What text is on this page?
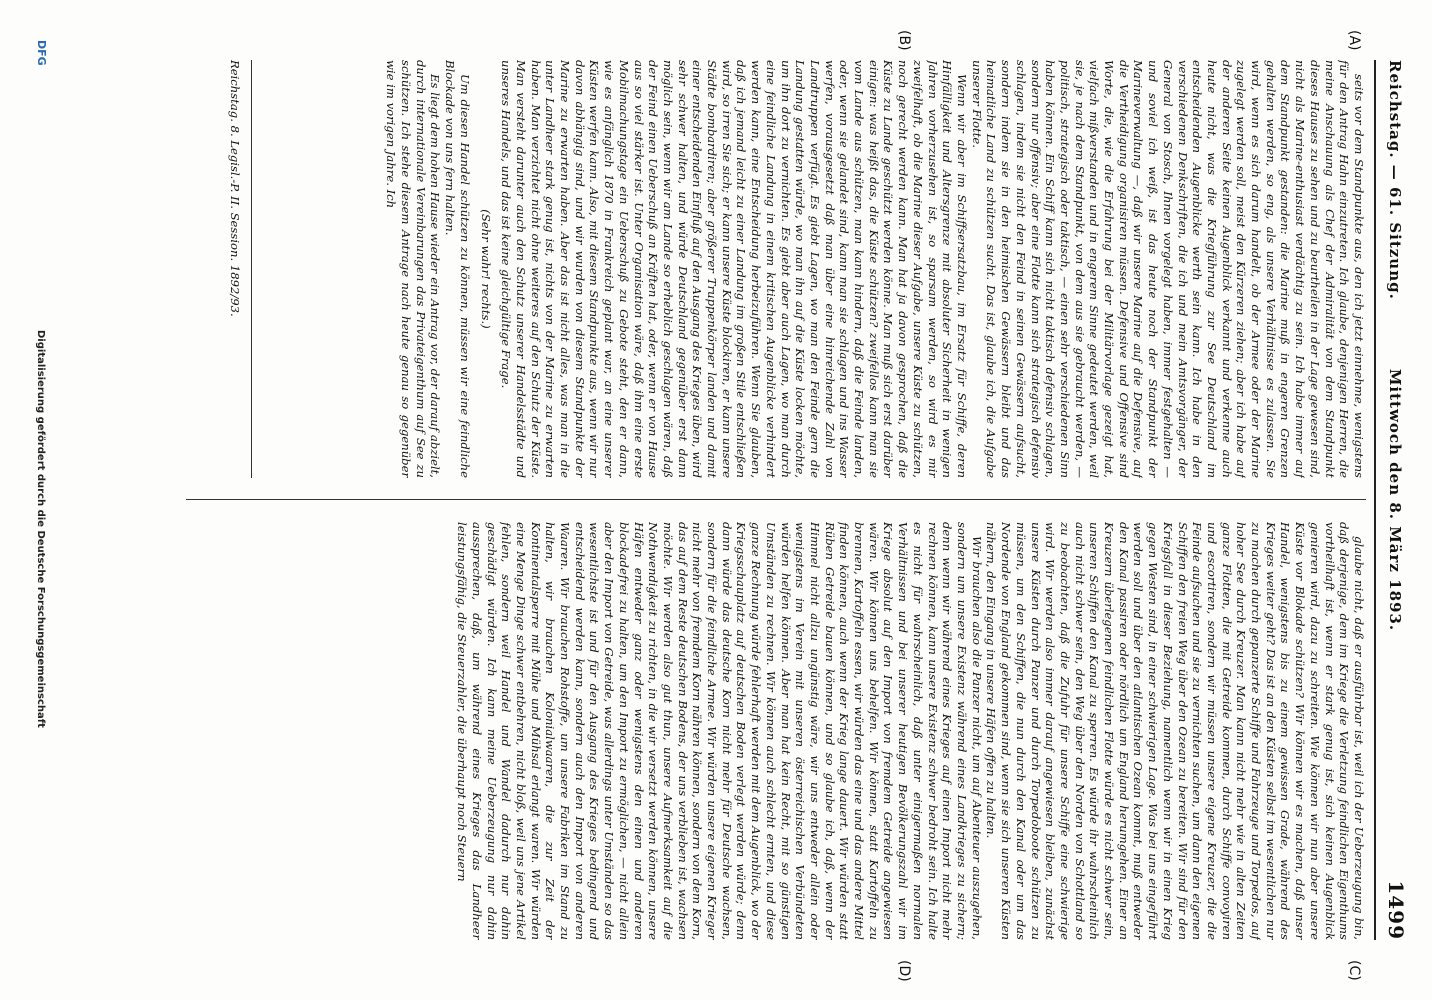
Reichstag. — 61. Sitzung.
Mittwoch den 8. März 1893.
1499
(A)
(B)
(C)
(D)

seits vor dem Standpunkte aus, den ich jetzt einnehme, wenigstens für den Antrag Hahn einzutreten. Ich glaube, denjenigen Herren, die meine Anschauung als Chef der Admiralität von dem Standpunkt dieses Hauses zu sehen und zu beurtheilen in der Lage gewesen sind, nicht als Marine-enthusiast verdächtig zu sein. Ich habe immer auf dem Standpunkt gestanden: die Marine muß in engeren Grenzen gehalten werden, so eng, als unsere Verhältnisse es zulassen. Sie wird, wenn es sich darum handelt, ob der Armee oder der Marine zugelegt werden soll, meist den Kürzeren ziehen; aber ich habe auf der anderen Seite keinen Augenblick verkannt und verkenne auch heute nicht, was die Kriegführung zur See Deutschland im entscheidenden Augenblicke werth sein kann. Ich habe in den verschiedenen Denkschriften, die ich und mein Amtsvorgänger, der General von Stosch, Ihnen vorgelegt haben, immer festgehalten — und soviel ich weiß, ist das heute noch der Standpunkt der Marineverwaltung —, daß wir unsere Marine auf die Defensive, auf die Vertheidigung organisiren müssen. Defensive und Offensive sind Worte, die, wie die Erfahrung bei der Militärvorlage gezeigt hat, vielfach mißverstanden und in engerem Sinne gedeutet werden, weil sie, je nach dem Standpunkt, von dem aus sie gebraucht werden, — politisch, strategisch oder taktisch, — einen sehr verschiedenen Sinn haben können. Ein Schiff kann sich nicht taktisch defensiv schlagen, sondern nur offensiv; aber eine Flotte kann sich strategisch defensiv schlagen, indem sie nicht den Feind in seinen Gewässern aufsucht, sondern indem sie in den heimischen Gewässern bleibt und das heimatliche Land zu schützen sucht. Das ist, glaube ich, die Aufgabe unserer Flotte.

Wenn wir aber im Schiffsersatzbau, im Ersatz für Schiffe, deren Hinfälligkeit und Altersgrenze mit absoluter Sicherheit in wenigen Jahren vorherzusehen ist, so sparsam werden, so wird es mir zweifelhaft, ob die Marine dieser Aufgabe, unsere Küste zu schützen, noch gerecht werden kann. Man hat ja davon gesprochen, daß die Küste zu Lande geschützt werden könne. Man muß sich erst darüber einigen: was heißt das, die Küste schützen? zweifellos kann man sie vom Lande aus schützen, man kann hindern, daß die Feinde landen, oder, wenn sie gelandet sind, kann man sie schlagen und ins Wasser werfen, vorausgesetzt daß man über eine hinreichende Zahl von Landtruppen verfügt. Es giebt Lagen, wo man den Feinde gern die Landung gestatten würde, wo man ihn auf die Küste locken möchte, um ihn dort zu vernichten. Es giebt aber auch Lagen, wo man durch eine feindliche Landung in einem kritischen Augenblicke verhindert werden kann, eine Entscheidung herbeizuführen. Wenn Sie glauben, daß ich jemand leicht zu einer Landung im großen Stile entschließen wird, so irren Sie sich; er kann unsere Küste blockiren, er kann unsere Städte bombardiren; aber größerer Truppenkörper landen und damit einer entscheidenden Einfluß auf den Ausgang des Krieges üben, wird sehr schwer halten, und würde Deutschland gegenüber erst dann möglich sein, wenn wir am Lande so erheblich geschlagen wären, daß der Feind einen Ueberschuß an Kräften hat, oder, wenn er von Hause aus so viel stärker ist. Unter Organisation wäre, daß ihm eine erste Mobilmachungstage ein Ueberschuß zu Gebote steht, den er dann, wie es anfänglich 1870 in Frankreich geplant war, an eine unserer Küsten werfen kann. Also, mit diesem Standpunkte aus, wenn wir nur davon abhängig sind, und wir wurden von diesem Standpunkte der Marine zu erwarten haben. Aber das ist nicht alles, was man in die unter Landheer stark genug ist, nichts von der Marine zu erwarten haben. Man verzichtet nicht ohne weiteres auf den Schutz der Küste. Man versteht darunter auch den Schutz unserer Handelsstädte und unseres Handels, und das ist keine gleichgültige Frage.

(Sehr wahr! rechts.)

Um diesen Handel schützen zu können, müssen wir eine feindliche Blockade von uns fern halten.

Es liegt dem hohen Hause wieder ein Antrag vor, der darauf abzielt, durch internationale Vereinbarungen das Privateigenthum auf See zu schützen. Ich stehe diesem Antrage nach heute genau so gegenüber wie im vorigen Jahre. Ich

glaube nicht, daß er ausführbar ist, weil ich der Ueberzeugung bin, daß derjenige, dem im Kriege die Verletzung feindlichen Eigenthums vortheilhaft ist, wenn er stark genug ist, sich keinen Augenblick genieren wird, dazu zu schreiten. Wie können wir nun aber unsere Küste vor Blokade schützen? Wir können wir es machen, daß unser Handel, wenigstens bis zu einem gewissen Grade, während des Krieges weiter geht? Das ist an den Küsten selbst im wesentlichen nur zu machen durch gepanzerte Schiffe und Fahrzeuge und Torpedos, auf hoher See durch Kreuzer. Man kann nicht mehr wie in alten Zeiten ganze Flotten, die mit Getreide kommen, durch Schiffe convoyiren und escortiren, sondern wir müssen unsere eigene Kreuzer, die die Feinde aufsuchen und sie zu vernichten suchen, um dann den eigenen Schiffen den freien Weg über den Ozean zu bereiten. Wir sind für den Kriegsfall in dieser Beziehung, namentlich wenn wir in einen Krieg gegen Westen sind, in einer schwierigen Lage. Was bei uns eingeführt werden soll und über den atlantischen Ozean kommt, muß entweder den Kanal passiren oder nördlich um England herumgehen. Einer an Kreuzern überlegenen feindlichen Flotte würde es nicht schwer sein, unseren Schiffen den Kanal zu sperren. Es würde ihr wahrscheinlich auch nicht schwer sein, den Weg über den Norden von Schottland so zu beobachten, daß die Zufuhr für unsere Schiffe eine schwierige wird. Wir werden also immer darauf angewiesen bleiben, zunächst unsere Küsten durch Panzer und durch Torpedoboote schützen zu müssen, um den Schiffen, die nun durch den Kanal oder um das Nordende von England gekommen sind, wenn sie sich unseren Küsten nähern, den Eingang in unsere Häfen offen zu halten.

Wir brauchen also die Panzer nicht, um auf Abenteuer auszugehen, sondern um unsere Existenz während eines Landkrieges zu sichern; denn wenn wir während eines Krieges auf einen Import nicht mehr rechnen können, kann unsere Existenz schwer bedroht sein. Ich halte es nicht für wahrscheinlich, daß unter einigermaßen normalen Verhältnissen und bei unserer heutigen Bevölkerungszahl wir im Kriege absolut auf den Import von fremdem Getreide angewiesen wären. Wir können uns behelfen. Wir können, statt Kartoffeln zu brennen, Kartoffeln essen, wir würden das eine und das andere Mittel finden können, auch wenn der Krieg lange dauert. Wir würden statt Rüben Getreide bauen können, und so glaube ich, daß, wenn der Himmel nicht allzu ungünstig wäre, wir uns entweder allein oder wenigstens im Verein mit unseren österreichischen Verbündeten würden helfen können. Aber man hat kein Recht, mit so günstigen Umständen zu rechnen. Wir können auch schlecht ernten, und diese ganze Rechnung würde fehlerhaft werden mit dem Augenblick, wo der Kriegsschauplatz auf deutschen Boden verlegt werden würde; denn dann würde das deutsche Korn nicht mehr für Deutsche wachsen, sondern für die feindliche Armee. Wir würden unsere eigenen Krieger nicht mehr von fremdem Korn nähren können, sondern von dem Korn, das auf dem Reste deutschen Bodens, der uns verblieben ist, wachsen möchte. Wir werden also gut thun, unsere Aufmerksamkeit auf die Nothwendigkeit zu richten, in die wir versetzt werden können, unsere Häfen entweder ganz oder wenigstens den einen und anderen blockadefrei zu halten, um den Import zu ermöglichen, — nicht allein aber den Import von Getreide, was allerdings unter Umständen so das wesentlichste ist und für den Ausgang des Krieges bedingend und entscheidend werden kann, sondern auch den Import von anderen Waaren. Wir brauchen Rohstoffe, um unsere Fabriken im Stand zu halten, wir brauchen Kolonialwaaren, die zur Zeit der Kontinentalsperre mit Mühe und Mühsal erlangt waren. Wir würden eine Menge Dinge schwer entbehren, nicht bloß, weil uns jene Artikel fehlen, sondern weil Handel und Wandel dadurch nur dahin geschädigt würden. Ich kann meine Ueberzeugung nur dahin aussprechen, daß, um während eines Krieges das Landheer leistungsfähig, die Steuerzahler, die überhaupt noch Steuern

Reichstag. 8. Legisl.-P. II. Session. 1892/93.
DFG
Digitalisierung gefördert durch die Deutsche Forschungsgemeinschaft
